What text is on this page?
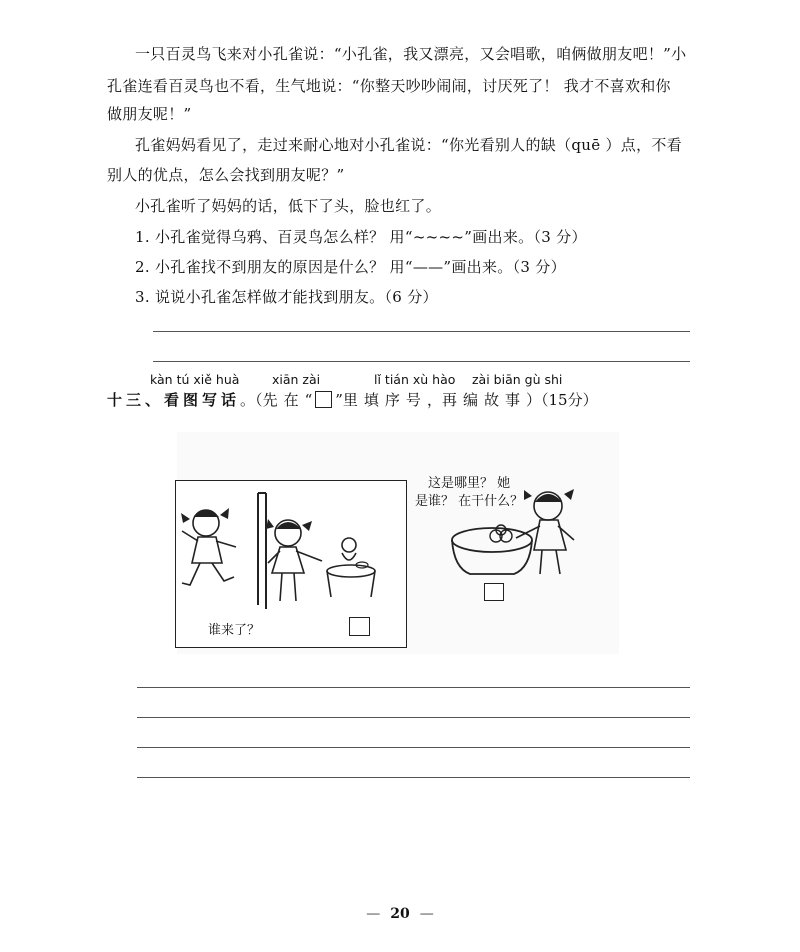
一只百灵鸟飞来对小孔雀说：“小孔雀，我又漂亮，又会唱歌，咱俩做朋友吧！”小
孔雀连看百灵鸟也不看，生气地说：“你整天吵吵闹闹，讨厌死了！ 我才不喜欢和你
做朋友呢！”
孔雀妈妈看见了，走过来耐心地对小孔雀说：“你光看别人的缺（quē ）点，不看
别人的优点，怎么会找到朋友呢？”
小孔雀听了妈妈的话，低下了头，脸也红了。
1. 小孔雀觉得乌鸦、百灵鸟怎么样？ 用“~~~~”画出来。（3 分）
2. 小孔雀找不到朋友的原因是什么？ 用“——”画出来。（3 分）
3. 说说小孔雀怎样做才能找到朋友。（6 分）
kàn tú xiě huà	xiān zài	lǐ tián xù hào zài biān gù shi
十三、看图写话。（先在“ ”里填序号，再编故事）（15分）
谁来了？
这是哪里？ 她
是谁？ 在干什么？
— 20 —
